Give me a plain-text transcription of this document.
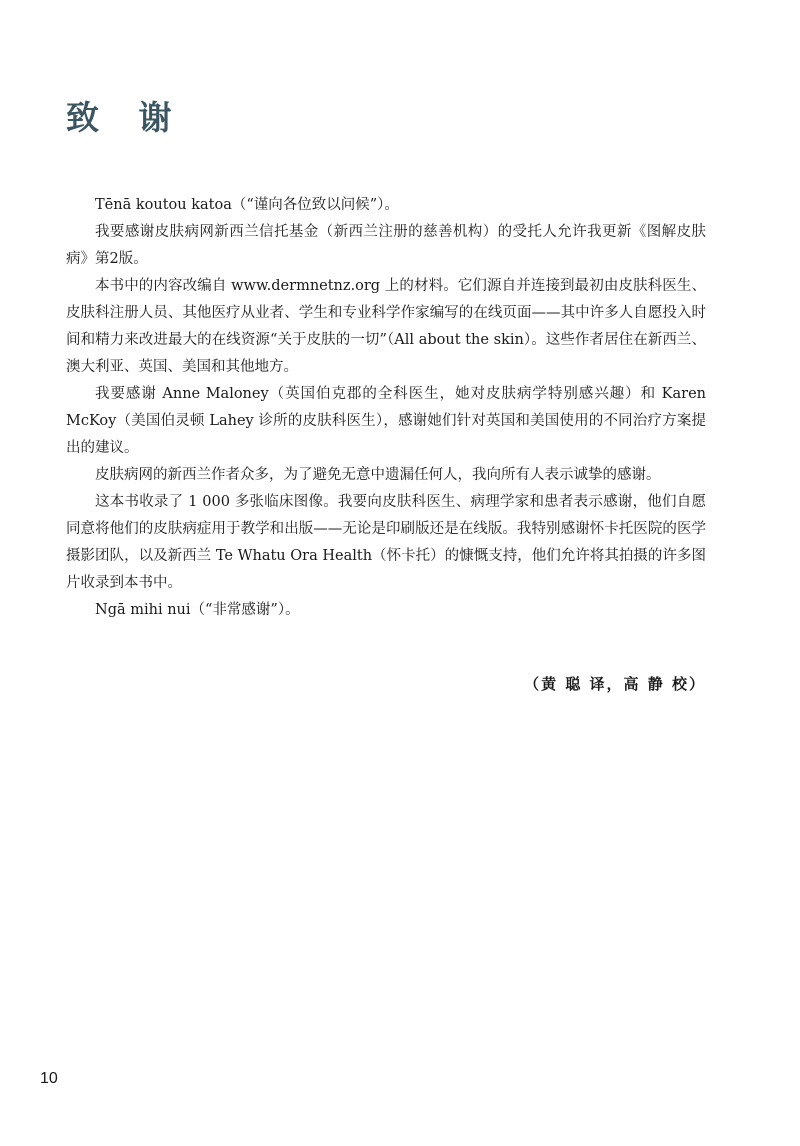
致 谢

Tēnā koutou katoa（“谨向各位致以问候”）。

我要感谢皮肤病网新西兰信托基金（新西兰注册的慈善机构）的受托人允许我更新《图解皮肤病》第2版。

本书中的内容改编自 www.dermnetnz.org 上的材料。它们源自并连接到最初由皮肤科医生、皮肤科注册人员、其他医疗从业者、学生和专业科学作家编写的在线页面——其中许多人自愿投入时间和精力来改进最大的在线资源“关于皮肤的一切”（All about the skin）。这些作者居住在新西兰、澳大利亚、英国、美国和其他地方。

我要感谢 Anne Maloney（英国伯克郡的全科医生，她对皮肤病学特别感兴趣）和 Karen McKoy（美国伯灵顿 Lahey 诊所的皮肤科医生），感谢她们针对英国和美国使用的不同治疗方案提出的建议。

皮肤病网的新西兰作者众多，为了避免无意中遗漏任何人，我向所有人表示诚挚的感谢。

这本书收录了 1 000 多张临床图像。我要向皮肤科医生、病理学家和患者表示感谢，他们自愿同意将他们的皮肤病症用于教学和出版——无论是印刷版还是在线版。我特别感谢怀卡托医院的医学摄影团队，以及新西兰 Te Whatu Ora Health（怀卡托）的慷慨支持，他们允许将其拍摄的许多图片收录到本书中。

Ngā mihi nui（“非常感谢”）。

（黄 聪 译，高 静 校）
10
